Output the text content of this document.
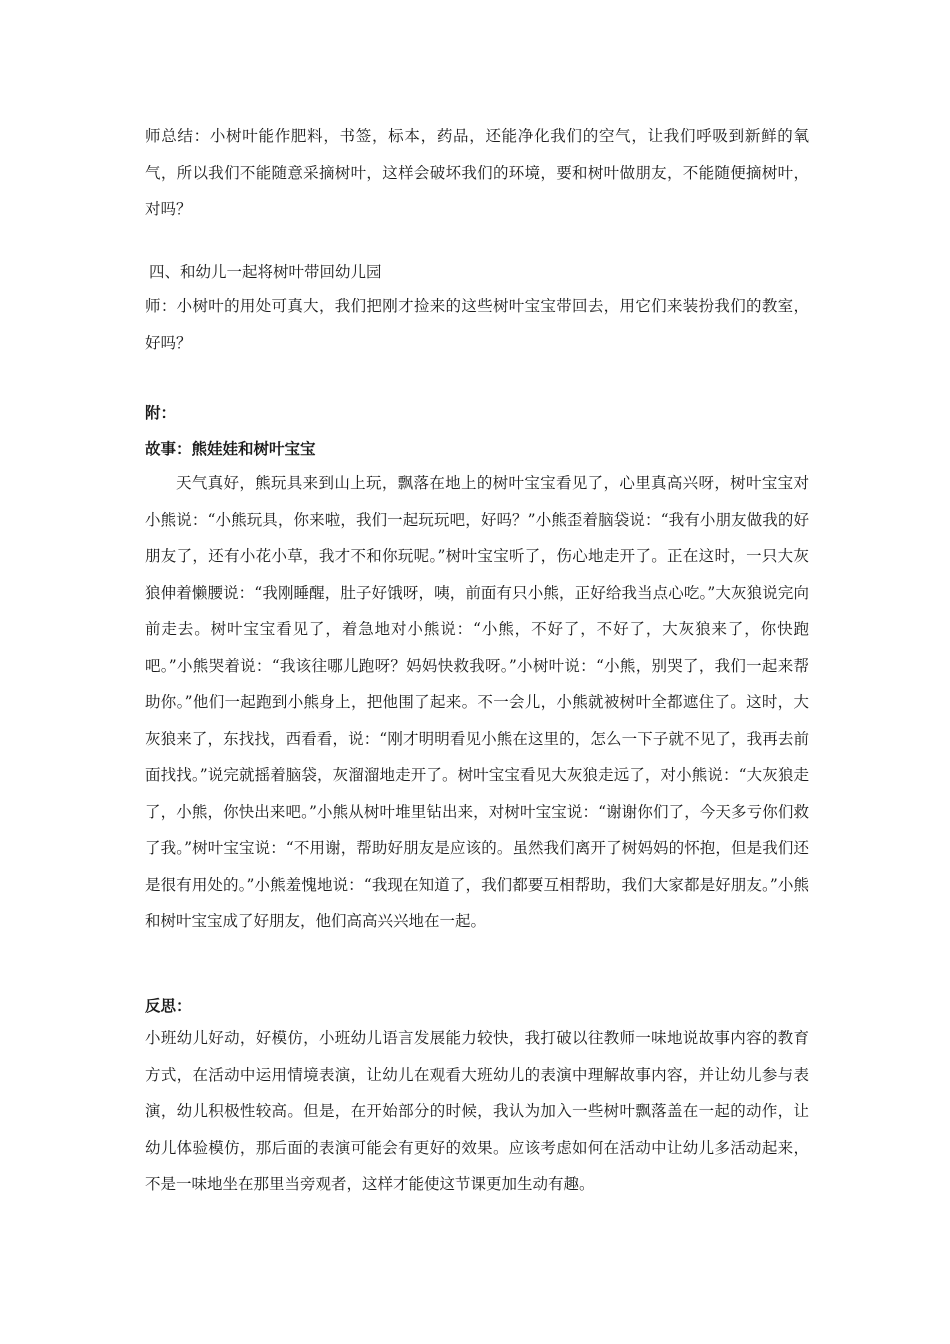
师总结：小树叶能作肥料，书签，标本，药品，还能净化我们的空气，让我们呼吸到新鲜的氧气，所以我们不能随意采摘树叶，这样会破坏我们的环境，要和树叶做朋友，不能随便摘树叶，对吗？

四、和幼儿一起将树叶带回幼儿园

师：小树叶的用处可真大，我们把刚才捡来的这些树叶宝宝带回去，用它们来装扮我们的教室，好吗？

附：

故事：熊娃娃和树叶宝宝

天气真好，熊玩具来到山上玩，飘落在地上的树叶宝宝看见了，心里真高兴呀，树叶宝宝对小熊说：“小熊玩具，你来啦，我们一起玩玩吧，好吗？”小熊歪着脑袋说：“我有小朋友做我的好朋友了，还有小花小草，我才不和你玩呢。”树叶宝宝听了，伤心地走开了。正在这时，一只大灰狼伸着懒腰说：“我刚睡醒，肚子好饿呀，咦，前面有只小熊，正好给我当点心吃。”大灰狼说完向前走去。树叶宝宝看见了，着急地对小熊说：“小熊，不好了，不好了，大灰狼来了，你快跑吧。”小熊哭着说：“我该往哪儿跑呀？妈妈快救我呀。”小树叶说：“小熊，别哭了，我们一起来帮助你。”他们一起跑到小熊身上，把他围了起来。不一会儿，小熊就被树叶全都遮住了。这时，大灰狼来了，东找找，西看看，说：“刚才明明看见小熊在这里的，怎么一下子就不见了，我再去前面找找。”说完就摇着脑袋，灰溜溜地走开了。树叶宝宝看见大灰狼走远了，对小熊说：“大灰狼走了，小熊，你快出来吧。”小熊从树叶堆里钻出来，对树叶宝宝说：“谢谢你们了，今天多亏你们救了我。”树叶宝宝说：“不用谢，帮助好朋友是应该的。虽然我们离开了树妈妈的怀抱，但是我们还是很有用处的。”小熊羞愧地说：“我现在知道了，我们都要互相帮助，我们大家都是好朋友。”小熊和树叶宝宝成了好朋友，他们高高兴兴地在一起。

反思：

小班幼儿好动，好模仿，小班幼儿语言发展能力较快，我打破以往教师一味地说故事内容的教育方式，在活动中运用情境表演，让幼儿在观看大班幼儿的表演中理解故事内容，并让幼儿参与表演，幼儿积极性较高。但是，在开始部分的时候，我认为加入一些树叶飘落盖在一起的动作，让幼儿体验模仿，那后面的表演可能会有更好的效果。应该考虑如何在活动中让幼儿多活动起来，不是一味地坐在那里当旁观者，这样才能使这节课更加生动有趣。
